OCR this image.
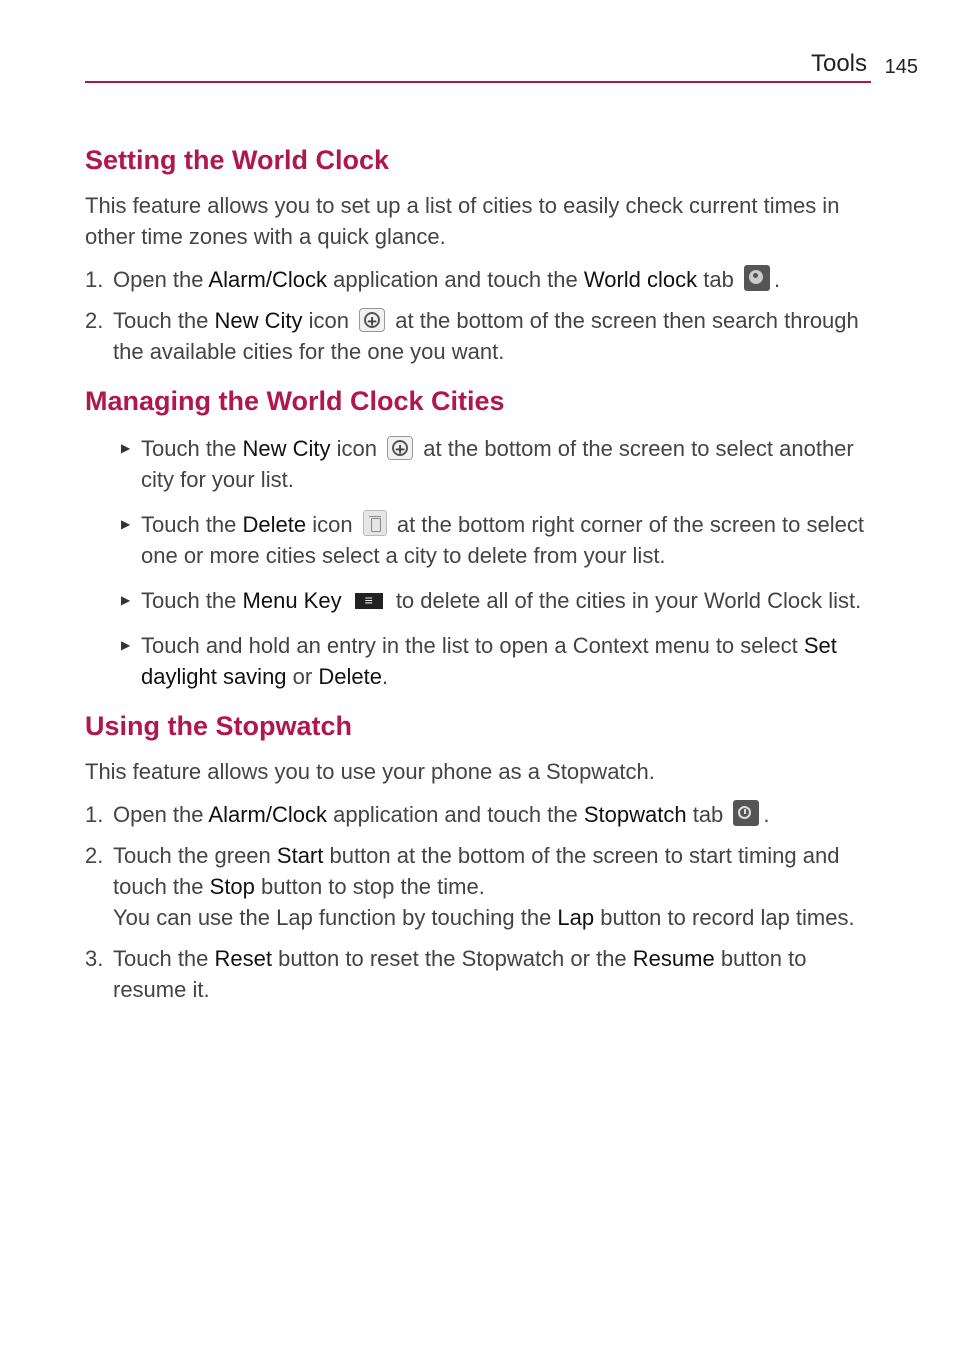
Tools 145
Setting the World Clock

This feature allows you to set up a list of cities to easily check current times in other time zones with a quick glance.

1. Open the Alarm/Clock application and touch the World clock tab .
2. Touch the New City icon + at the bottom of the screen then search through the available cities for the one you want.
Managing the World Clock Cities
▶ Touch the New City icon + at the bottom of the screen to select another city for your list.
▶ Touch the Delete icon  at the bottom right corner of the screen to select one or more cities select a city to delete from your list.
▶ Touch the Menu Key ≡ to delete all of the cities in your World Clock list.
▶ Touch and hold an entry in the list to open a Context menu to select Set daylight saving or Delete.
Using the Stopwatch

This feature allows you to use your phone as a Stopwatch.

1. Open the Alarm/Clock application and touch the Stopwatch tab .
2. Touch the green Start button at the bottom of the screen to start timing and touch the Stop button to stop the time.
You can use the Lap function by touching the Lap button to record lap times.
3. Touch the Reset button to reset the Stopwatch or the Resume button to resume it.
